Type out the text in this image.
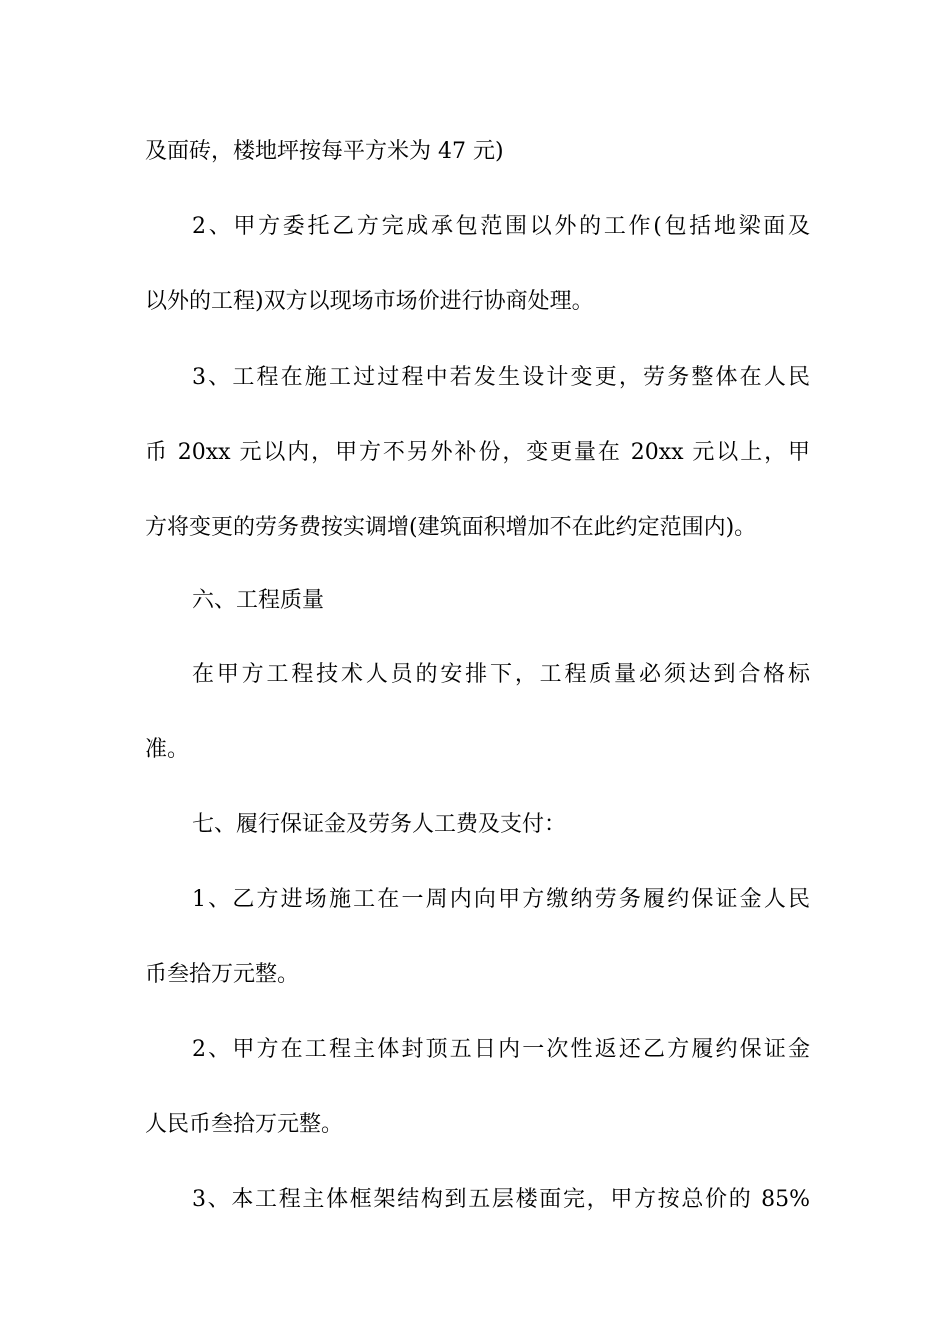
及面砖，楼地坪按每平方米为 47 元)
2、甲方委托乙方完成承包范围以外的工作(包括地梁面及
以外的工程)双方以现场市场价进行协商处理。
3、工程在施工过过程中若发生设计变更，劳务整体在人民
币 20xx 元以内，甲方不另外补份，变更量在 20xx 元以上，甲
方将变更的劳务费按实调增(建筑面积增加不在此约定范围内)。
六、工程质量
在甲方工程技术人员的安排下，工程质量必须达到合格标
准。
七、履行保证金及劳务人工费及支付：
1、乙方进场施工在一周内向甲方缴纳劳务履约保证金人民
币叁拾万元整。
2、甲方在工程主体封顶五日内一次性返还乙方履约保证金
人民币叁拾万元整。
3、本工程主体框架结构到五层楼面完，甲方按总价的 85%
